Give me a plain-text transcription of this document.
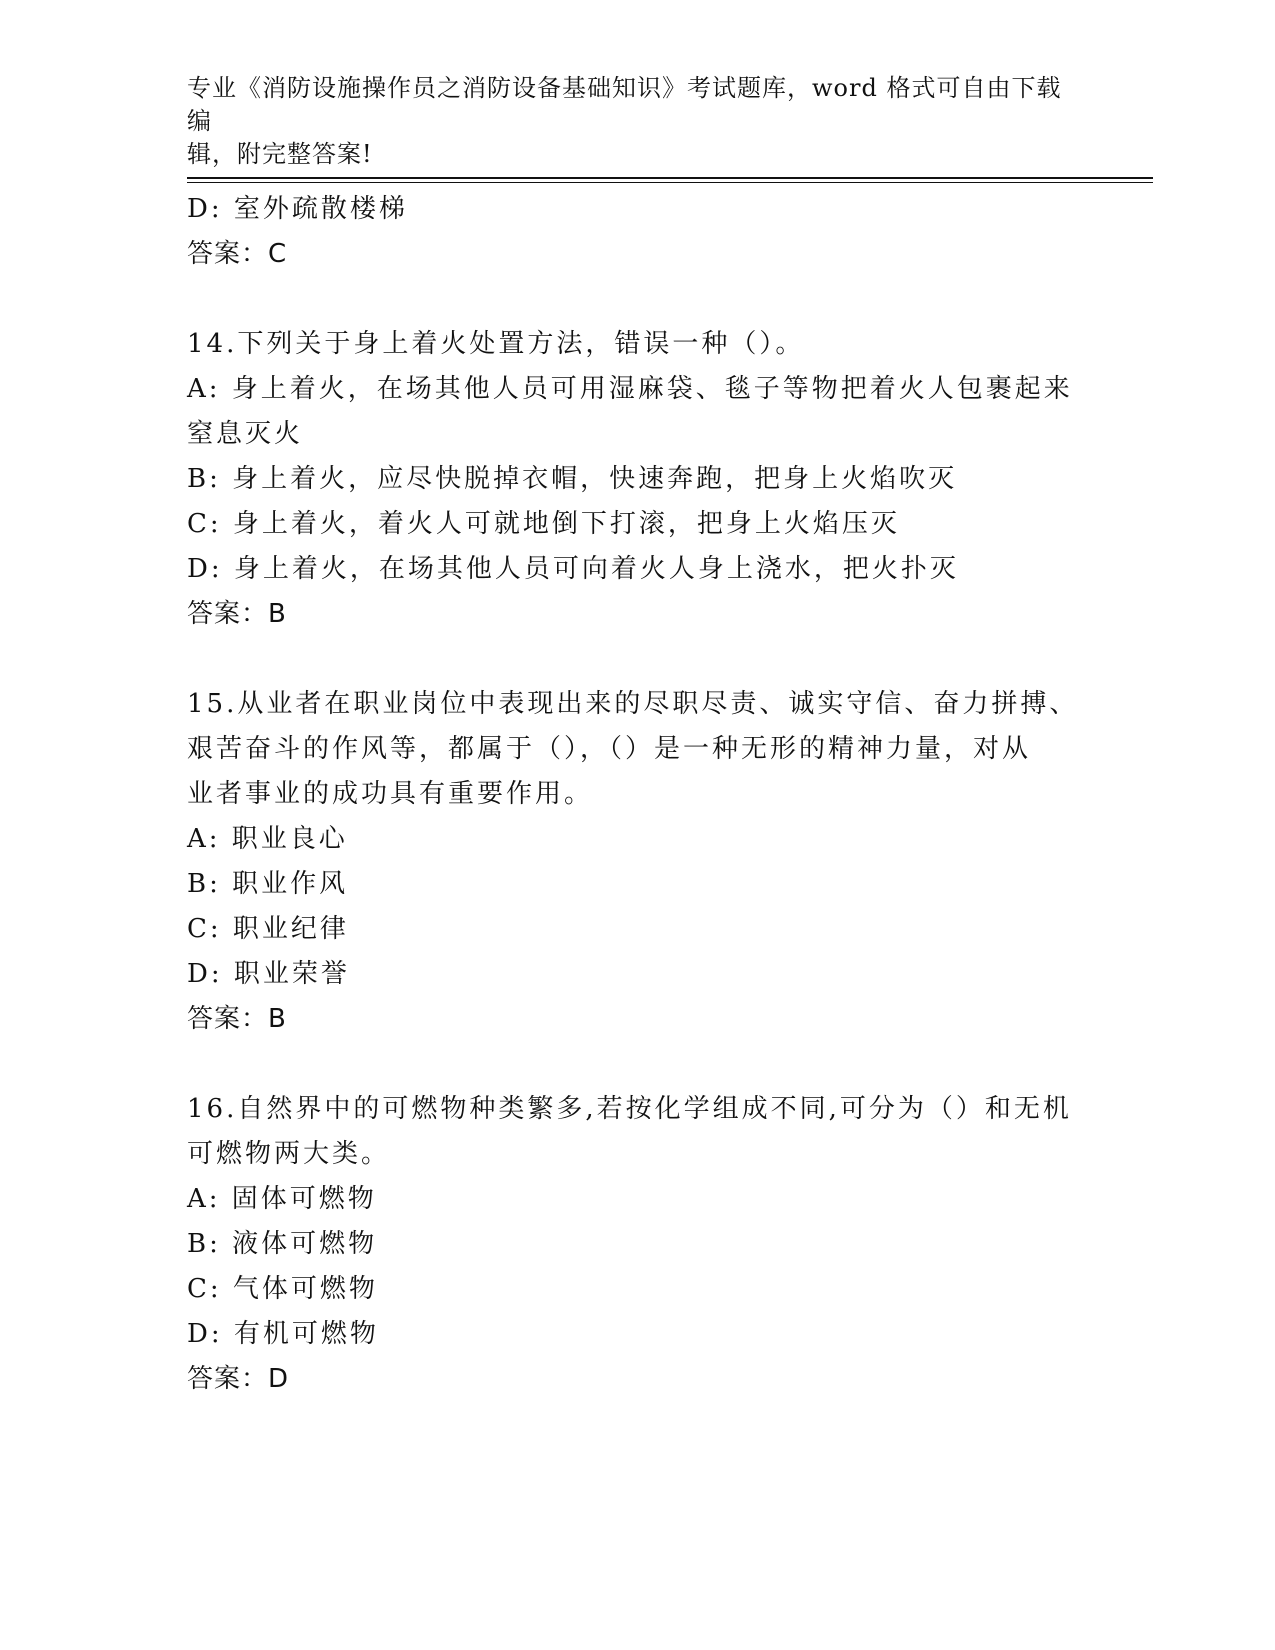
专业《消防设施操作员之消防设备基础知识》考试题库，word 格式可自由下载编
辑，附完整答案!
D: 室外疏散楼梯
答案：C
14.下列关于身上着火处置方法，错误一种（）。
A: 身上着火，在场其他人员可用湿麻袋、毯子等物把着火人包裹起来
窒息灭火
B: 身上着火，应尽快脱掉衣帽，快速奔跑，把身上火焰吹灭
C: 身上着火，着火人可就地倒下打滚，把身上火焰压灭
D: 身上着火，在场其他人员可向着火人身上浇水，把火扑灭
答案：B
15.从业者在职业岗位中表现出来的尽职尽责、诚实守信、奋力拼搏、
艰苦奋斗的作风等，都属于（），（）是一种无形的精神力量，对从
业者事业的成功具有重要作用。
A: 职业良心
B: 职业作风
C: 职业纪律
D: 职业荣誉
答案：B
16.自然界中的可燃物种类繁多,若按化学组成不同,可分为（）和无机
可燃物两大类。
A: 固体可燃物
B: 液体可燃物
C: 气体可燃物
D: 有机可燃物
答案：D
